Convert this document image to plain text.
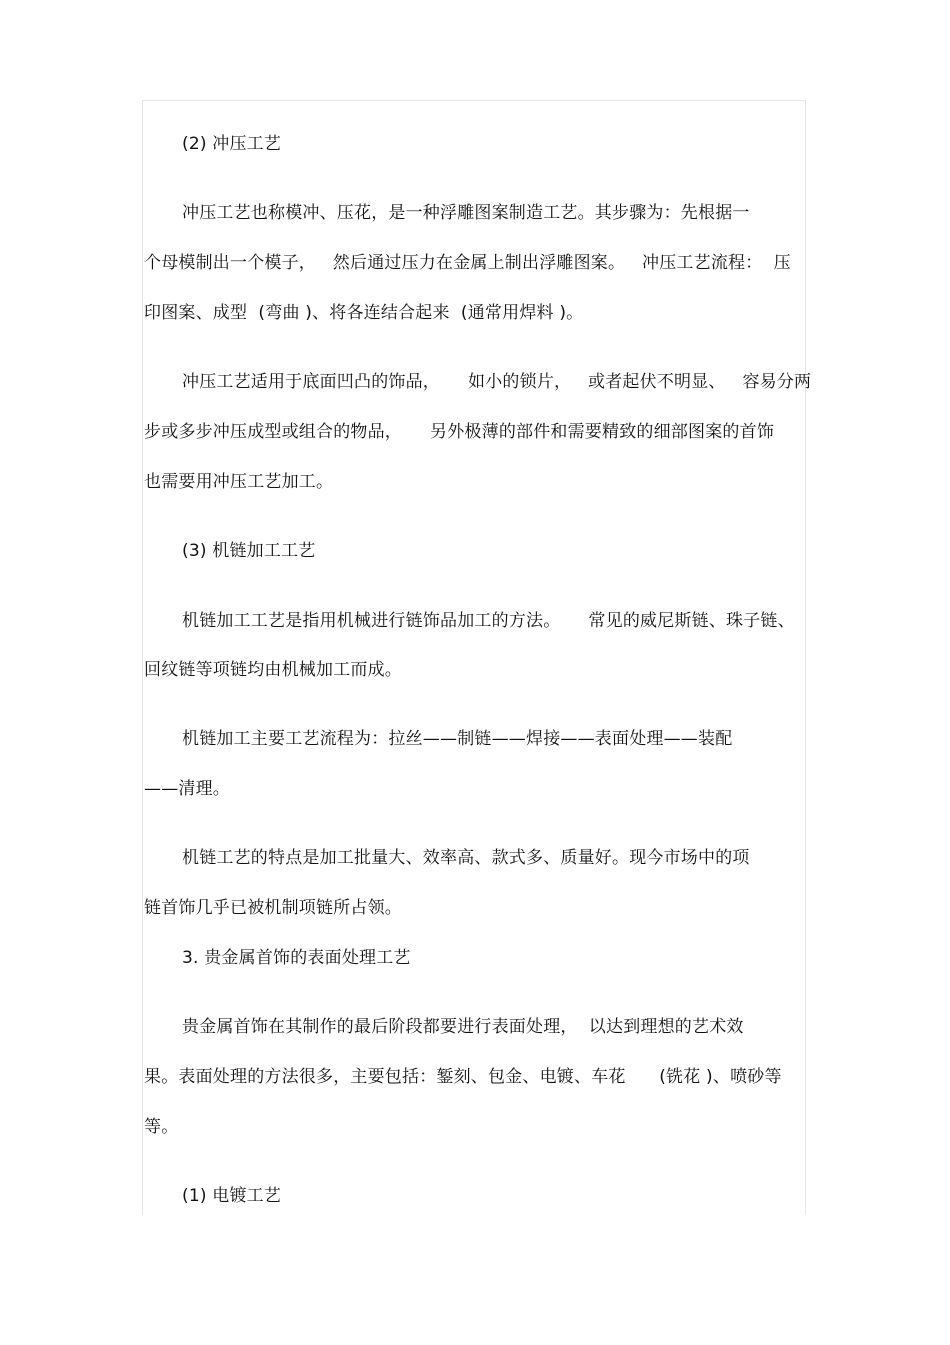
(2) 冲压工艺
冲压工艺也称模冲、压花，是一种浮雕图案制造工艺。其步骤为：先根据一
个母模制出一个模子，   然后通过压力在金属上制出浮雕图案。   冲压工艺流程：  压
印图案、成型  (弯曲 )、将各连结合起来  (通常用焊料 )。
冲压工艺适用于底面凹凸的饰品，     如小的锁片，   或者起伏不明显、   容易分两
步或多步冲压成型或组合的物品，     另外极薄的部件和需要精致的细部图案的首饰
也需要用冲压工艺加工。
(3) 机链加工工艺
机链加工工艺是指用机械进行链饰品加工的方法。     常见的威尼斯链、珠子链、
回纹链等项链均由机械加工而成。
机链加工主要工艺流程为：拉丝——制链——焊接——表面处理——装配
——清理。
机链工艺的特点是加工批量大、效率高、款式多、质量好。现今市场中的项
链首饰几乎已被机制项链所占领。
3. 贵金属首饰的表面处理工艺
贵金属首饰在其制作的最后阶段都要进行表面处理，  以达到理想的艺术效
果。表面处理的方法很多，主要包括：錾刻、包金、电镀、车花      (铣花 )、喷砂等
等。
(1) 电镀工艺
